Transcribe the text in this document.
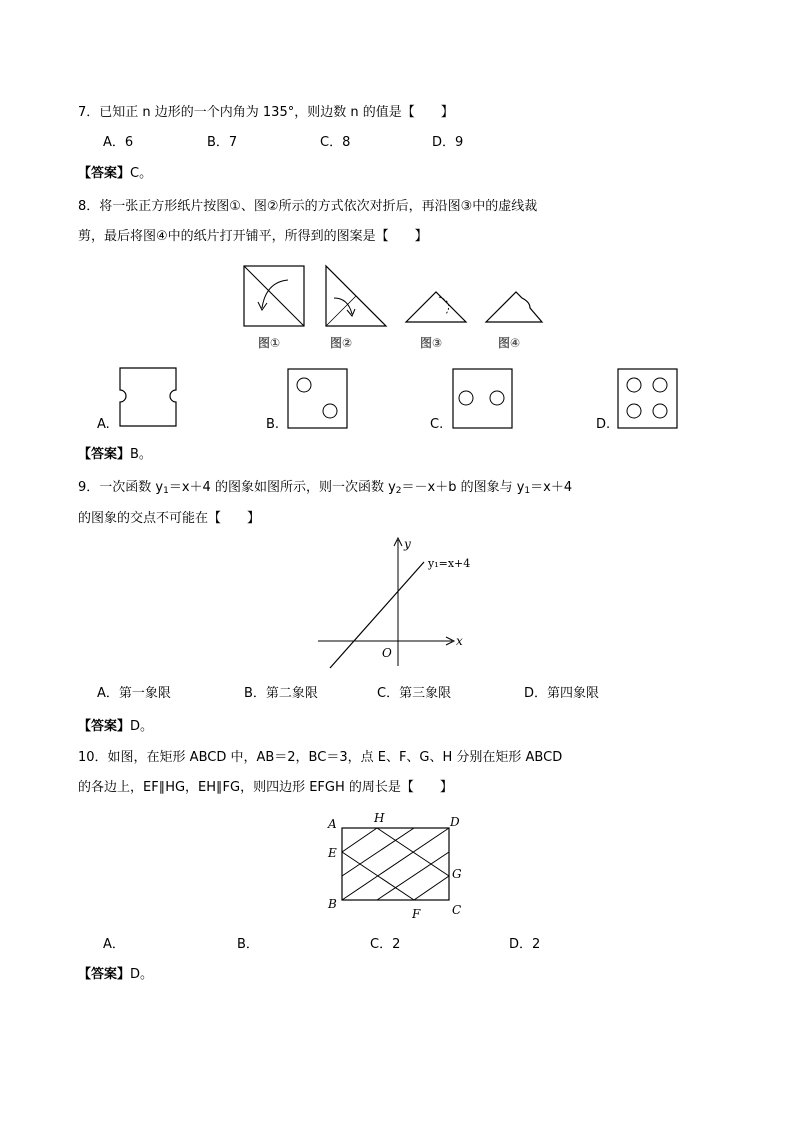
7．已知正 n 边形的一个内角为 135°，则边数 n 的值是【　　】
A．6	B．7	C．8	D．9
【答案】C。
8．将一张正方形纸片按图①、图②所示的方式依次对折后，再沿图③中的虚线裁
剪，最后将图④中的纸片打开铺平，所得到的图案是【　　】
图①	图②	图③	图④
A.	B.	C.	D.
【答案】B。
9．一次函数 $y_1=x+4$ 的图象如图所示，则一次函数 $y_2=-x+b$ 的图象与 $y_1=x+4$
的图象的交点不可能在【　　】
y
x
O
y₁=x+4
A．第一象限	B．第二象限	C．第三象限	D．第四象限
【答案】D。
10．如图，在矩形 ABCD 中，AB＝2，BC＝3，点 E、F、G、H 分别在矩形 ABCD
的各边上，EF∥HG，EH∥FG，则四边形 EFGH 的周长是【　　】
A
B	C
D
E
F
G
H
A．	B．	C．2	D．2
【答案】D。
